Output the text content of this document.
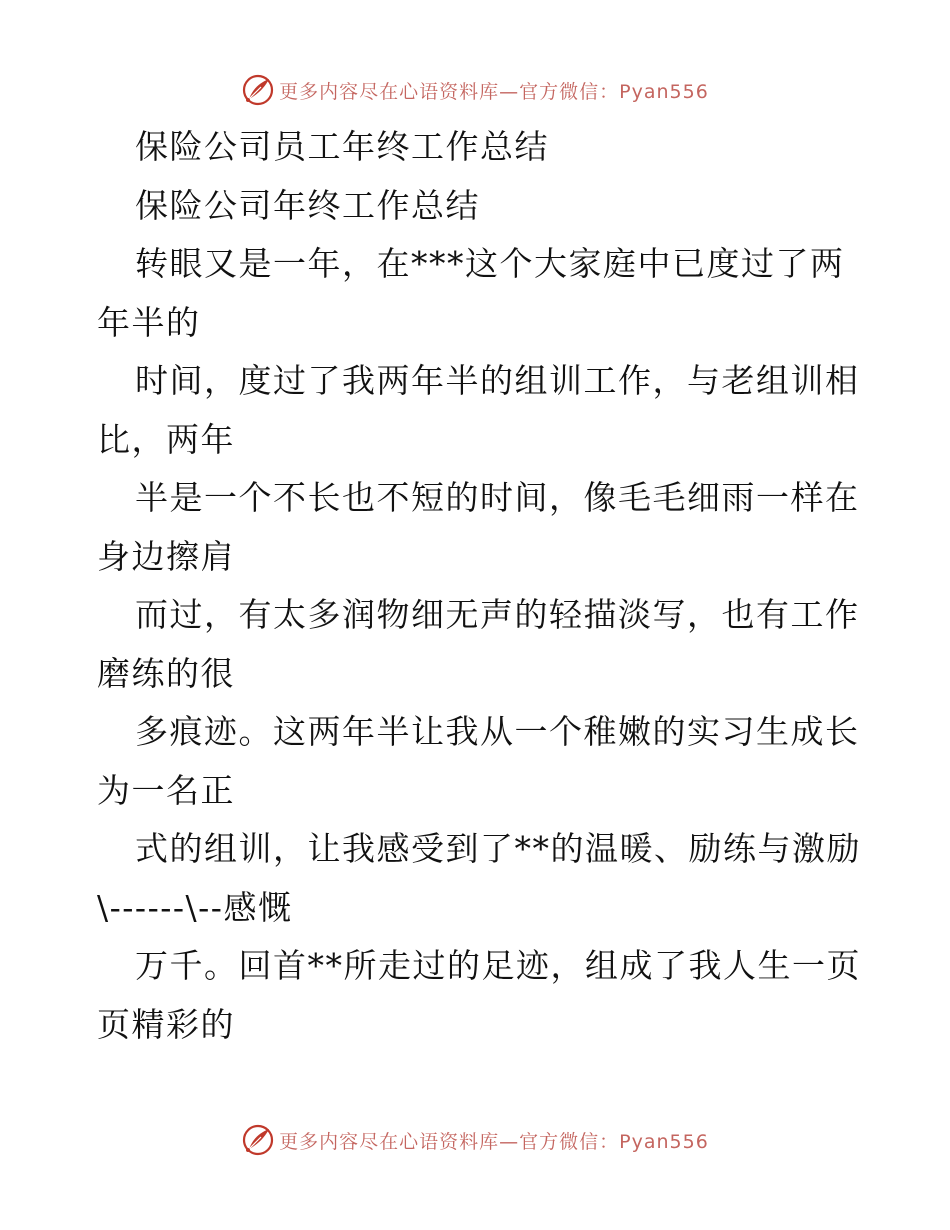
更多内容尽在心语资料库—官方微信：Pyan556
保险公司员工年终工作总结
保险公司年终工作总结
转眼又是一年，在***这个大家庭中已度过了两
年半的
时间，度过了我两年半的组训工作，与老组训相
比，两年
半是一个不长也不短的时间，像毛毛细雨一样在
身边擦肩
而过，有太多润物细无声的轻描淡写，也有工作
磨练的很
多痕迹。这两年半让我从一个稚嫩的实习生成长
为一名正
式的组训，让我感受到了**的温暖、励练与激励
\------\--感慨
万千。回首**所走过的足迹，组成了我人生一页
页精彩的
更多内容尽在心语资料库—官方微信：Pyan556
